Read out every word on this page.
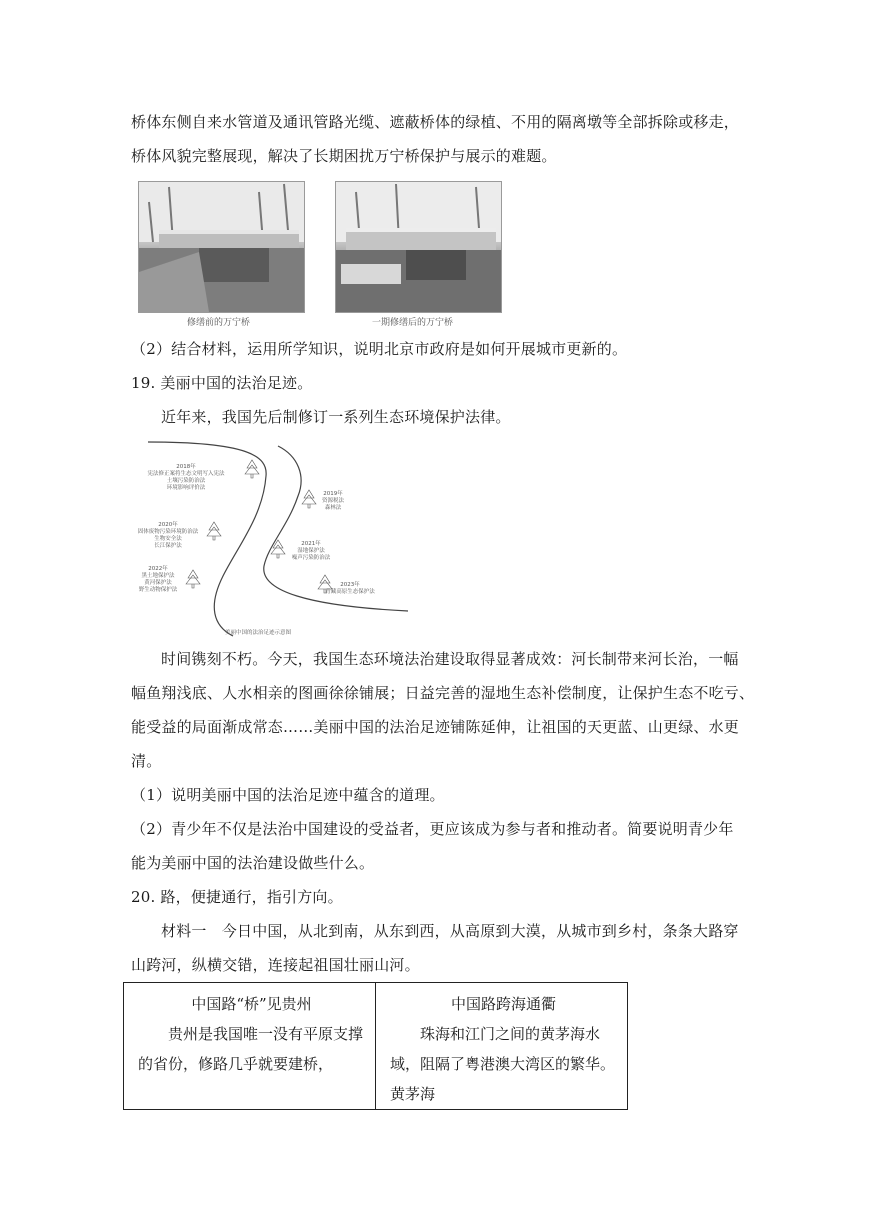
桥体东侧自来水管道及通讯管路光缆、遮蔽桥体的绿植、不用的隔离墩等全部拆除或移走，
桥体风貌完整展现，解决了长期困扰万宁桥保护与展示的难题。
修缮前的万宁桥	一期修缮后的万宁桥
（2）结合材料，运用所学知识，说明北京市政府是如何开展城市更新的。
19. 美丽中国的法治足迹。
近年来，我国先后制修订一系列生态环境保护法律。
2018年
宪法修正案将生态文明写入宪法
土壤污染防治法
环境影响评价法
2019年
资源税法
森林法
2020年
固体废物污染环境防治法
生物安全法
长江保护法	2021年
湿地保护法
噪声污染防治法
2022年
黑土地保护法
黄河保护法
野生动物保护法
2023年
青藏高原生态保护法
美丽中国的法治足迹示意图
时间镌刻不朽。今天，我国生态环境法治建设取得显著成效：河长制带来河长治，一幅
幅鱼翔浅底、人水相亲的图画徐徐铺展；日益完善的湿地生态补偿制度，让保护生态不吃亏、
能受益的局面渐成常态……美丽中国的法治足迹铺陈延伸，让祖国的天更蓝、山更绿、水更
清。
（1）说明美丽中国的法治足迹中蕴含的道理。
（2）青少年不仅是法治中国建设的受益者，更应该成为参与者和推动者。简要说明青少年
能为美丽中国的法治建设做些什么。
20. 路，便捷通行，指引方向。
材料一　今日中国，从北到南，从东到西，从高原到大漠，从城市到乡村，条条大路穿
山跨河，纵横交错，连接起祖国壮丽山河。
中国路“桥”见贵州
贵州是我国唯一没有平原支撑的省份，修路几乎就要建桥，

中国路跨海通衢
珠海和江门之间的黄茅海水域，阻隔了粤港澳大湾区的繁华。黄茅海
